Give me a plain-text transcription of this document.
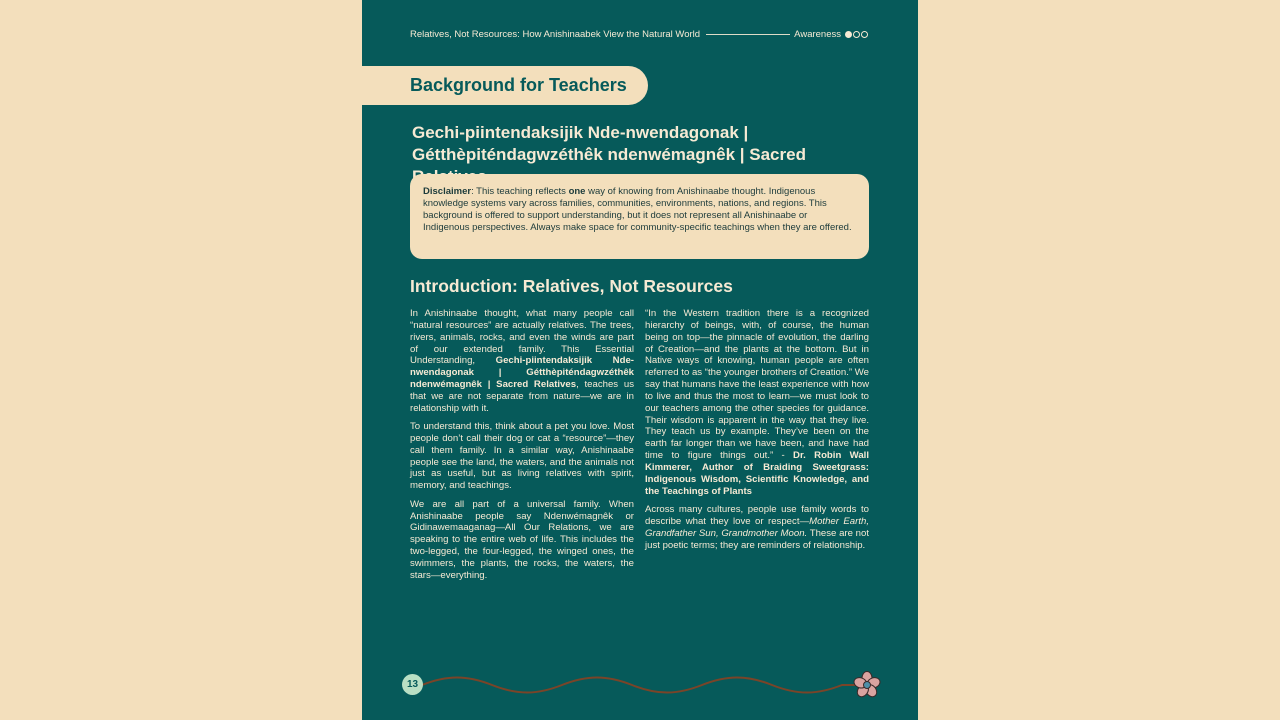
Relatives, Not Resources: How Anishinaabek View the Natural World	Awareness
Background for Teachers
Gechi-piintendaksijik Nde-nwendagonak |
Gétthèpiténdagwzéthêk ndenwémagnêk | Sacred
Disclaimer: This teaching reflects one way of knowing from Anishinaabe thought. Indigenous knowledge systems vary across families, communities, environments, nations, and regions. This background is offered to support understanding, but it does not represent all Anishinaabe or Indigenous perspectives. Always make space for community-specific teachings when they are offered.
Introduction: Relatives, Not Resources

In Anishinaabe thought, what many people call “natural resources” are actually relatives. The trees, rivers, animals, rocks, and even the winds are part of our extended family. This Essential Understanding, Gechi-piintendaksijik Nde-nwendagonak | Gétthèpiténdagwzéthêk ndenwémagnêk | Sacred Relatives, teaches us that we are not separate from nature—we are in relationship with it.

To understand this, think about a pet you love. Most people don’t call their dog or cat a “resource”—they call them family. In a similar way, Anishinaabe people see the land, the waters, and the animals not just as useful, but as living relatives with spirit, memory, and teachings.

We are all part of a universal family. When Anishinaabe people say Ndenwémagnêk or Gidinawemaaganag—All Our Relations, we are speaking to the entire web of life. This includes the two-legged, the four-legged, the winged ones, the swimmers, the plants, the rocks, the waters, the stars—everything.

“In the Western tradition there is a recognized hierarchy of beings, with, of course, the human being on top—the pinnacle of evolution, the darling of Creation—and the plants at the bottom. But in Native ways of knowing, human people are often referred to as “the younger brothers of Creation.” We say that humans have the least experience with how to live and thus the most to learn—we must look to our teachers among the other species for guidance. Their wisdom is apparent in the way that they live. They teach us by example. They’ve been on the earth far longer than we have been, and have had time to figure things out.” - Dr. Robin Wall Kimmerer, Author of Braiding Sweetgrass: Indigenous Wisdom, Scientific Knowledge, and the Teachings of Plants

Across many cultures, people use family words to describe what they love or respect—Mother Earth, Grandfather Sun, Grandmother Moon. These are not just poetic terms; they are reminders of relationship.

13
